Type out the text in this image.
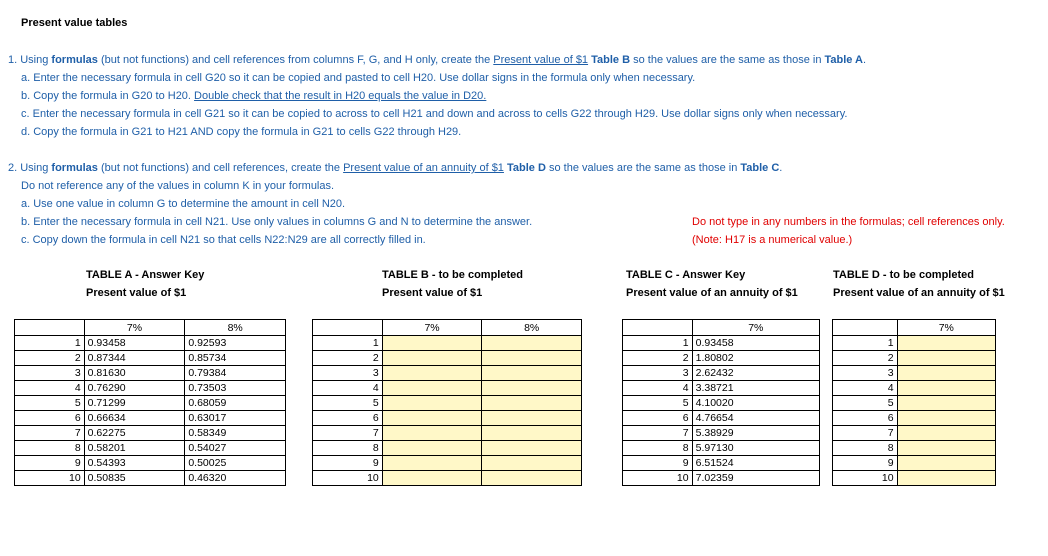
Present value tables
1. Using formulas (but not functions) and cell references from columns F, G, and H only, create the Present value of $1 Table B so the values are the same as those in Table A.
a. Enter the necessary formula in cell G20 so it can be copied and pasted to cell H20. Use dollar signs in the formula only when necessary.
b. Copy the formula in G20 to H20. Double check that the result in H20 equals the value in D20.
c. Enter the necessary formula in cell G21 so it can be copied to across to cell H21 and down and across to cells G22 through H29. Use dollar signs only when necessary.
d. Copy the formula in G21 to H21 AND copy the formula in G21 to cells G22 through H29.
2. Using formulas (but not functions) and cell references, create the Present value of an annuity of $1 Table D so the values are the same as those in Table C.
Do not reference any of the values in column K in your formulas.
a. Use one value in column G to determine the amount in cell N20.
b. Enter the necessary formula in cell N21. Use only values in columns G and N to determine the answer.
c. Copy down the formula in cell N21 so that cells N22:N29 are all correctly filled in.
Do not type in any numbers in the formulas; cell references only.
(Note: H17 is a numerical value.)
TABLE A - Answer Key
Present value of $1
TABLE B - to be completed
Present value of $1
TABLE C - Answer Key
Present value of an annuity of $1
TABLE D - to be completed
Present value of an annuity of $1
	7%	8%
1	0.93458	0.92593
2	0.87344	0.85734
3	0.81630	0.79384
4	0.76290	0.73503
5	0.71299	0.68059
6	0.66634	0.63017
7	0.62275	0.58349
8	0.58201	0.54027
9	0.54393	0.50025
10	0.50835	0.46320
	7%	8%
1		
2		
3		
4		
5		
6		
7		
8		
9		
10		
	7%
1	0.93458
2	1.80802
3	2.62432
4	3.38721
5	4.10020
6	4.76654
7	5.38929
8	5.97130
9	6.51524
10	7.02359
	7%
1	
2	
3	
4	
5	
6	
7	
8	
9	
10	
